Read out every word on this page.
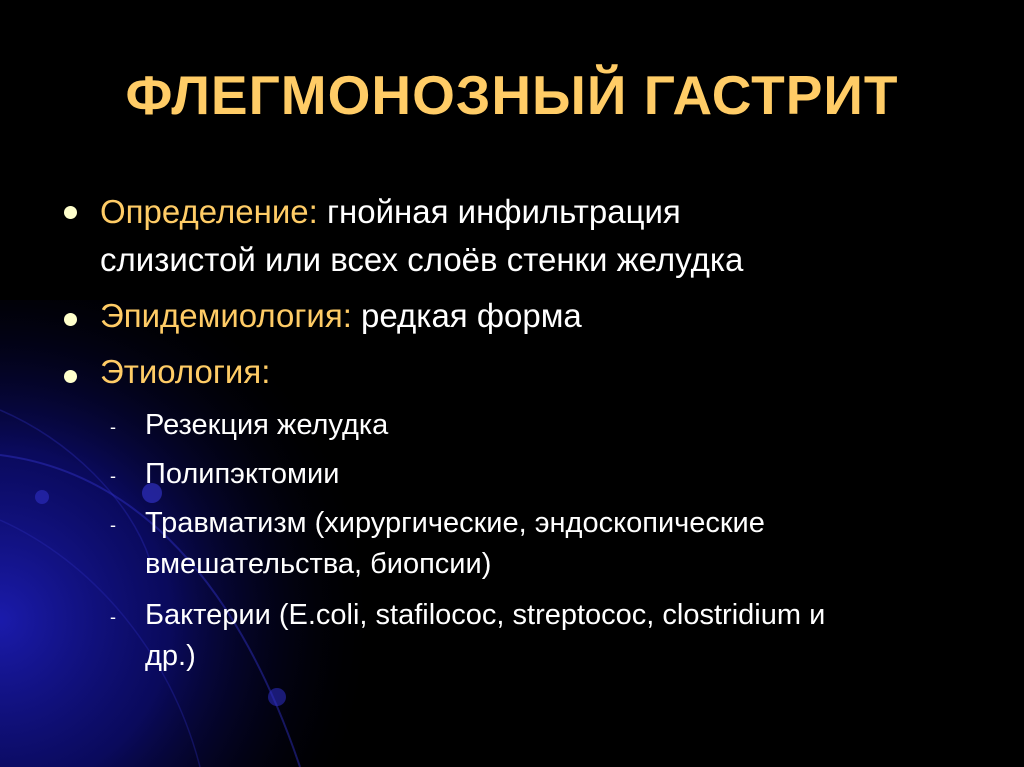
ФЛЕГМОНОЗНЫЙ ГАСТРИТ
Определение: гнойная инфильтрация
слизистой или всех слоёв стенки желудка
Эпидемиология: редкая форма
Этиология:
- Резекция желудка
- Полипэктомии
- Травматизм (хирургические, эндоскопические
вмешательства, биопсии)
- Бактерии (E.coli, stafilococ, streptococ, clostridium и
др.)
